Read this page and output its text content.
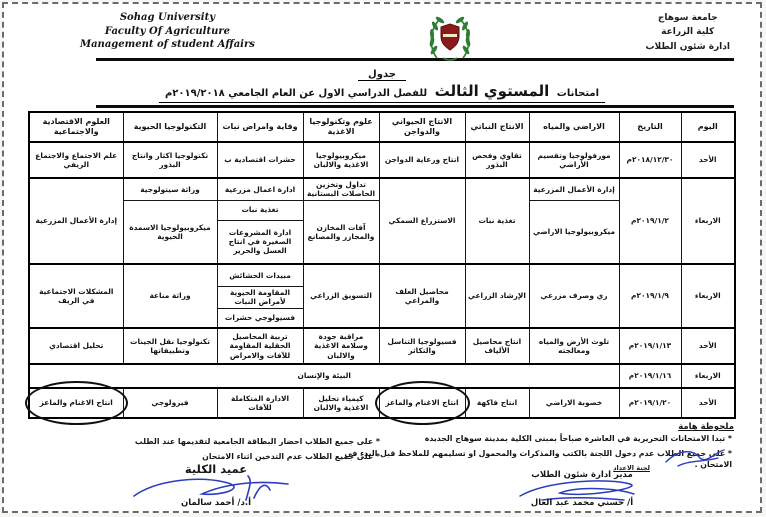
Sohag University
Faculty Of Agriculture
Management of student Affairs
جامعة سوهاج
كلية الزراعة
ادارة شئون الطلاب
جدول
امتحانات المستوي الثالث للفصل الدراسي الاول عن العام الجامعي ٢٠١٩/٢٠١٨م
اليوم	التاريخ	الاراضي والمياه	الانتاج النباتي	الانتاج الحيواني والدواجن	علوم وتكنولوجيا الاغذية	وقاية وامراض نبات	التكنولوجيا الحيوية	العلوم الاقتصادية والاجتماعية
الأحد	٢٠١٨/١٢/٣٠م	مورفولوجيا وتقسيم الأراضي	تقاوي وفحص البذور	انتاج ورعاية الدواجن	ميكروبيولوجيا الاغذية والالبان	حشرات اقتصادية ب	تكنولوجيا اكثار وانتاج البذور	علم الاجتماع والاجتماع الريفي
الاربعاء	٢٠١٩/١/٢م	إدارة الأعمال المزرعية	تغذية نبات	الاستزراع السمكي	تداول وتخزين الحاصلات البستانية	ادارة اعمال مزرعية	وراثة سيتولوجية	إدارة الأعمال المزرعية
		ميكروبيولوجيا الاراضي			آفات المخازن والمجازر والمصانع	تغذية نبات	ميكروبيولوجيا الاسمدة الحيوية	
						ادارة المشروعات الصغيرة في انتاج العسل والحرير		
الاربعاء	٢٠١٩/١/٩م	ري وصرف مزرعي	الإرشاد الزراعي	محاصيل العلف والمراعي	التسويق الزراعي	مبيدات الحشائش	وراثة مناعة	المشكلات الاجتماعية في الريف
						المقاومة الحيوية لأمراض النبات		
						فسيولوجي حشرات		
الأحد	٢٠١٩/١/١٣م	تلوث الأرض والمياه ومعالجته	انتاج محاصيل الألياف	فسيولوجيا التناسل والتكاثر	مراقبة جودة وسلامة الاغذية والالبان	تربية المحاصيل الحقلية المقاومة للآفات والامراض	تكنولوجيا نقل الجينات وتطبيقاتها	تحليل اقتصادي
الاربعاء	٢٠١٩/١/١٦م	البيئة والإنسان						
الأحد	٢٠١٩/١/٢٠م	خصوبة الاراضي	انتاج فاكهة	انتاج الاغنام والماعز	كيمياء تحليل الاغذية والالبان	الادارة المتكاملة للآفات	فيرولوجي	انتاج الاغنام والماعز
ملحوظة هامة
* تبدا الامتحانات التحريرية في العاشرة صباحاً بمبنى الكلية بمدينة سوهاج الجديدة
* على جميع الطلاب عدم دخول اللجنة بالكتب والمذكرات والمحمول او تسليمهم للملاحظ قبل البدء في الامتحان .
* على جميع الطلاب احضار البطاقة الجامعية لتقديمها عند الطلب
* على جميع الطلاب عدم التدخين اثناء الامتحان
لجنة الاعداد
مدير ادارة شئون الطلاب
أ/ حسني محمد عبد العال
عميد الكلية
أ.د/ أحمد سالمان
